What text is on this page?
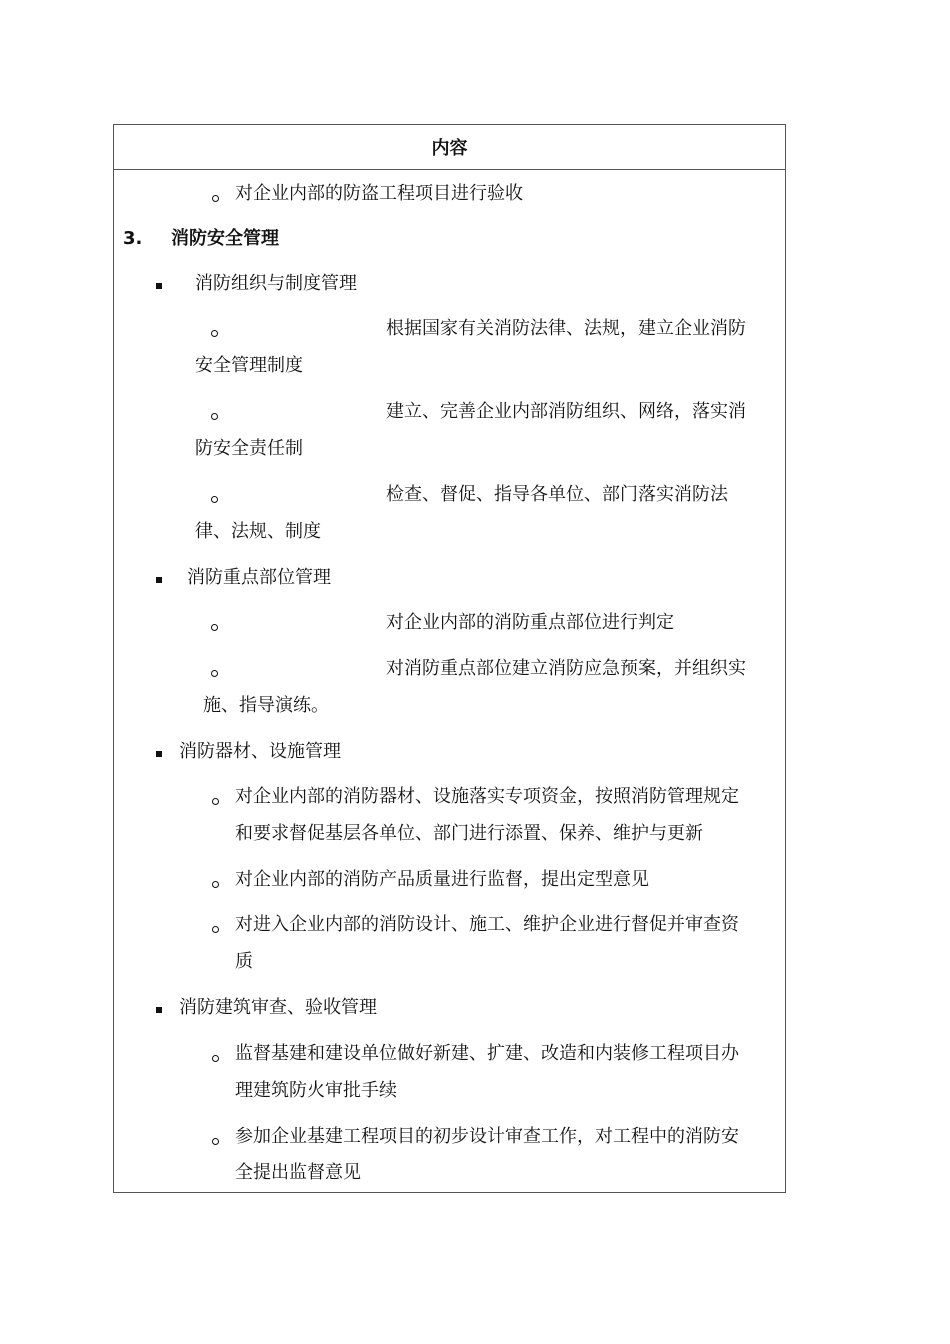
内容
对企业内部的防盗工程项目进行验收
3. 消防安全管理
消防组织与制度管理
根据国家有关消防法律、法规，建立企业消防
安全管理制度
建立、完善企业内部消防组织、网络，落实消
防安全责任制
检查、督促、指导各单位、部门落实消防法
律、法规、制度
消防重点部位管理
对企业内部的消防重点部位进行判定
对消防重点部位建立消防应急预案，并组织实
施、指导演练。
消防器材、设施管理
对企业内部的消防器材、设施落实专项资金，按照消防管理规定
和要求督促基层各单位、部门进行添置、保养、维护与更新
对企业内部的消防产品质量进行监督，提出定型意见
对进入企业内部的消防设计、施工、维护企业进行督促并审查资
质
消防建筑审查、验收管理
监督基建和建设单位做好新建、扩建、改造和内装修工程项目办
理建筑防火审批手续
参加企业基建工程项目的初步设计审查工作，对工程中的消防安
全提出监督意见
